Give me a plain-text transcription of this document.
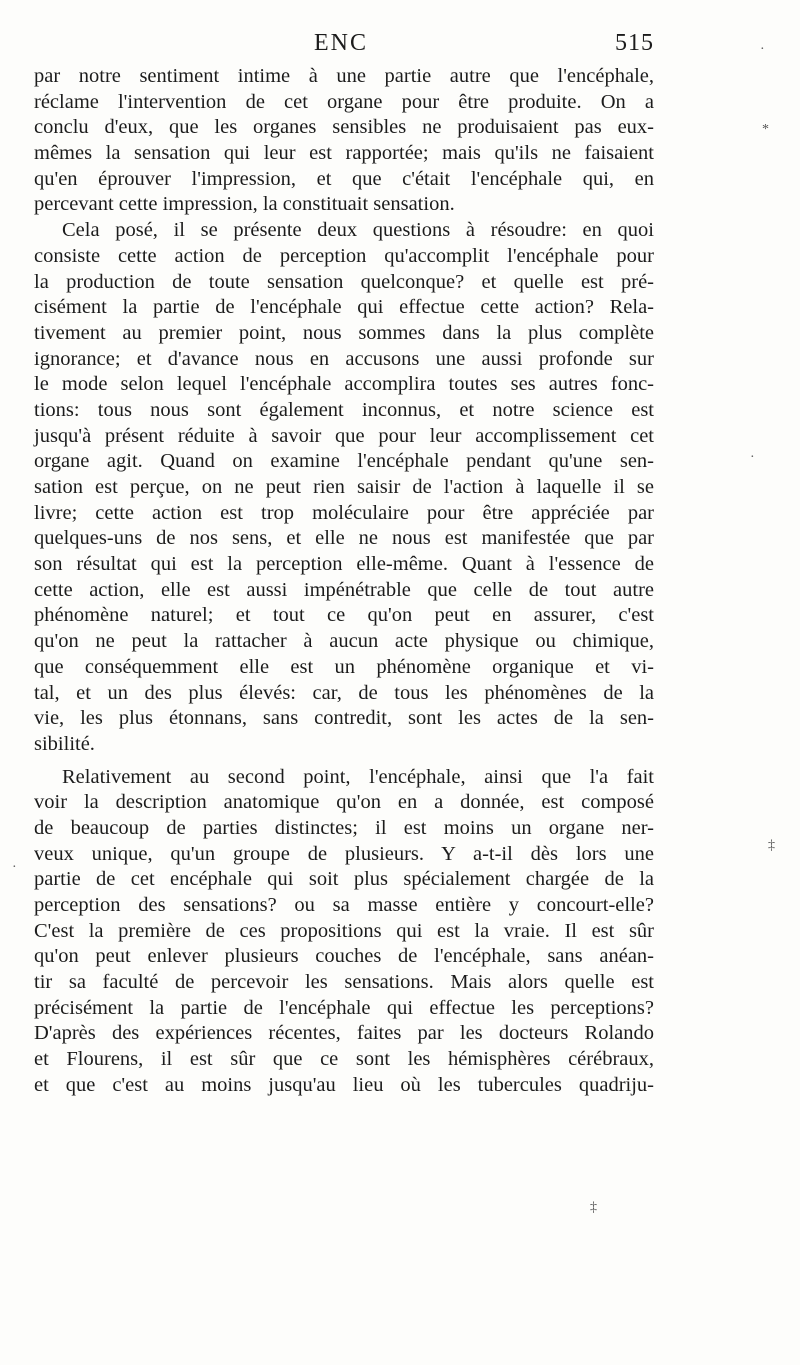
ENC	515

par notre sentiment intime à une partie autre que l'encéphale,
réclame l'intervention de cet organe pour être produite. On a
conclu d'eux, que les organes sensibles ne produisaient pas eux-
mêmes la sensation qui leur est rapportée; mais qu'ils ne faisaient
qu'en éprouver l'impression, et que c'était l'encéphale qui, en
percevant cette impression, la constituait sensation.

Cela posé, il se présente deux questions à résoudre: en quoi
consiste cette action de perception qu'accomplit l'encéphale pour
la production de toute sensation quelconque? et quelle est pré-
cisément la partie de l'encéphale qui effectue cette action? Rela-
tivement au premier point, nous sommes dans la plus complète
ignorance; et d'avance nous en accusons une aussi profonde sur
le mode selon lequel l'encéphale accomplira toutes ses autres fonc-
tions: tous nous sont également inconnus, et notre science est
jusqu'à présent réduite à savoir que pour leur accomplissement cet
organe agit. Quand on examine l'encéphale pendant qu'une sen-
sation est perçue, on ne peut rien saisir de l'action à laquelle il se
livre; cette action est trop moléculaire pour être appréciée par
quelques-uns de nos sens, et elle ne nous est manifestée que par
son résultat qui est la perception elle-même. Quant à l'essence de
cette action, elle est aussi impénétrable que celle de tout autre
phénomène naturel; et tout ce qu'on peut en assurer, c'est
qu'on ne peut la rattacher à aucun acte physique ou chimique,
que conséquemment elle est un phénomène organique et vi-
tal, et un des plus élevés: car, de tous les phénomènes de la
vie, les plus étonnans, sans contredit, sont les actes de la sen-
sibilité.

Relativement au second point, l'encéphale, ainsi que l'a fait
voir la description anatomique qu'on en a donnée, est composé
de beaucoup de parties distinctes; il est moins un organe ner-
veux unique, qu'un groupe de plusieurs. Y a-t-il dès lors une
partie de cet encéphale qui soit plus spécialement chargée de la
perception des sensations? ou sa masse entière y concourt-elle?
C'est la première de ces propositions qui est la vraie. Il est sûr
qu'on peut enlever plusieurs couches de l'encéphale, sans anéan-
tir sa faculté de percevoir les sensations. Mais alors quelle est
précisément la partie de l'encéphale qui effectue les perceptions?
D'après des expériences récentes, faites par les docteurs Rolando
et Flourens, il est sûr que ce sont les hémisphères cérébraux,
et que c'est au moins jusqu'au lieu où les tubercules quadriju-

·
*
·
‡
·
‡
